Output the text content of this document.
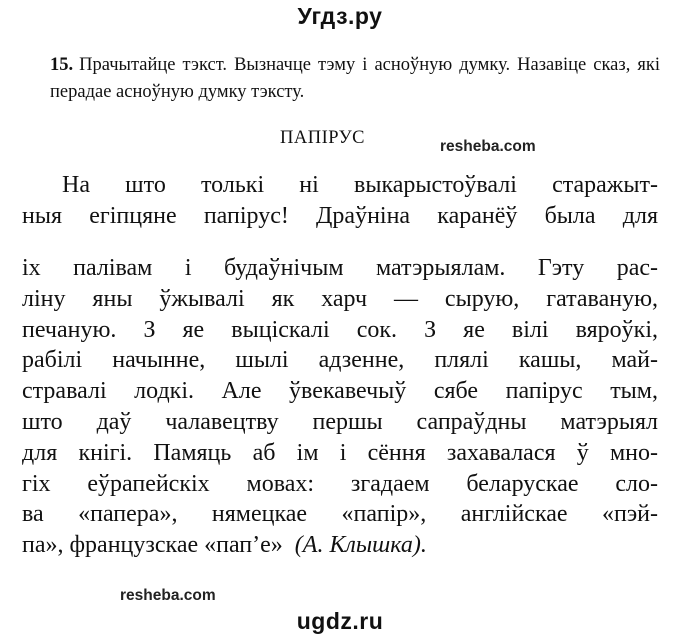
Угдз.ру
15. Прачытайце тэкст. Вызначце тэму і асноўную думку. Назавіце сказ, які перадае асноўную думку тэксту.
ПАПІРУС	resheba.com
На што толькі ні выкарыстоўвалі старажыт-
ныя егіпцяне папірус! Драўніна каранёў была для
іх палівам і будаўнічым матэрыялам. Гэту рас-
ліну яны ўжывалі як харч — сырую, гатаваную,
печаную. З яе выціскалі сок. З яе вілі вяроўкі,
рабілі начынне, шылі адзенне, плялі кашы, май-
стравалі лодкі. Але ўвекавечыў сябе папірус тым,
што даў чалавецтву першы сапраўдны матэрыял
для кнігі. Памяць аб ім і сёння захавалася ў мно-
гіх еўрапейскіх мовах: згадаем беларускае сло-
ва «папера», нямецкае «папір», англійскае «пэй-
па», французскае «пап’е» (А. Клышка).
resheba.com
ugdz.ru
